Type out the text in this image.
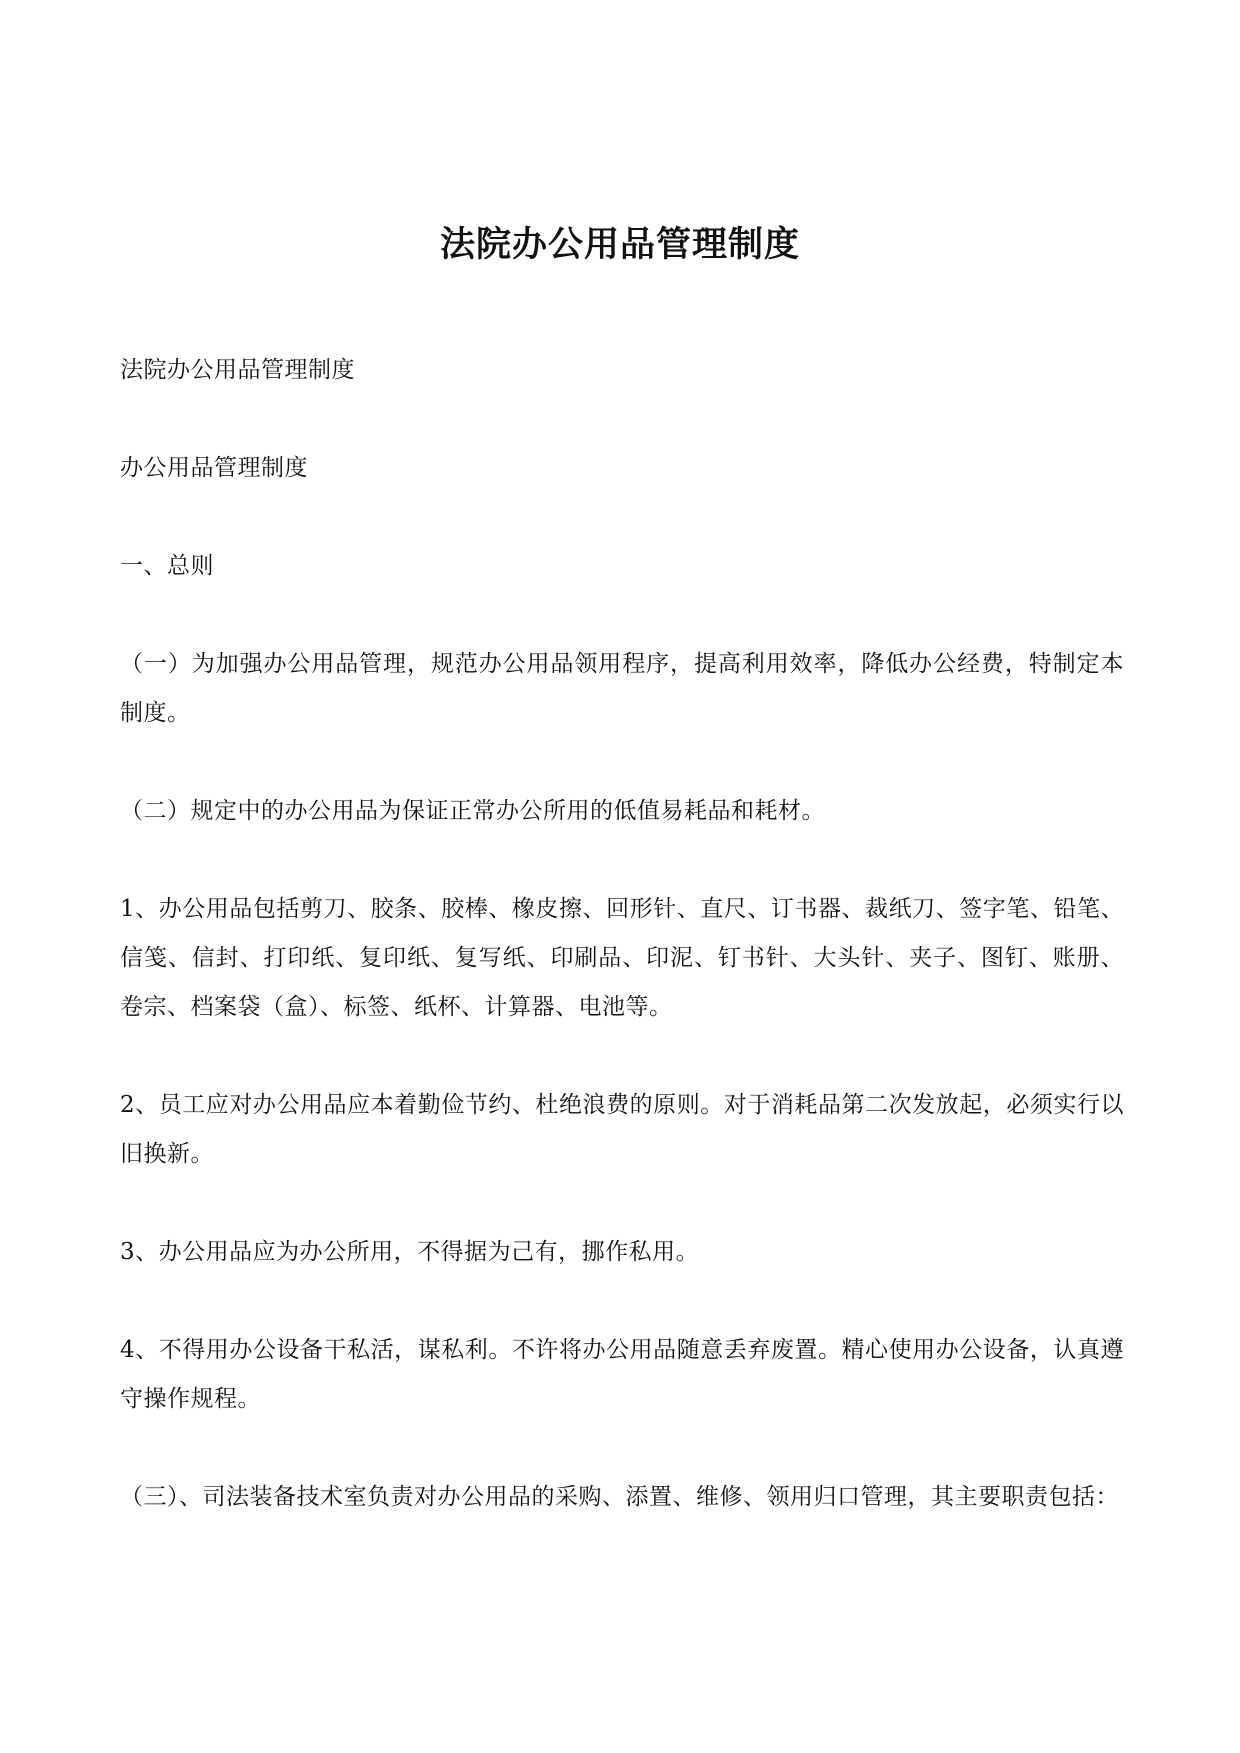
法院办公用品管理制度

法院办公用品管理制度

办公用品管理制度

一、总则

（一）为加强办公用品管理，规范办公用品领用程序，提高利用效率，降低办公经费，特制定本制度。

（二）规定中的办公用品为保证正常办公所用的低值易耗品和耗材。

1、办公用品包括剪刀、胶条、胶棒、橡皮擦、回形针、直尺、订书器、裁纸刀、签字笔、铅笔、信笺、信封、打印纸、复印纸、复写纸、印刷品、印泥、钉书针、大头针、夹子、图钉、账册、卷宗、档案袋（盒）、标签、纸杯、计算器、电池等。

2、员工应对办公用品应本着勤俭节约、杜绝浪费的原则。对于消耗品第二次发放起，必须实行以旧换新。

3、办公用品应为办公所用，不得据为己有，挪作私用。

4、不得用办公设备干私活，谋私利。不许将办公用品随意丢弃废置。精心使用办公设备，认真遵守操作规程。

（三）、司法装备技术室负责对办公用品的采购、添置、维修、领用归口管理，其主要职责包括：
